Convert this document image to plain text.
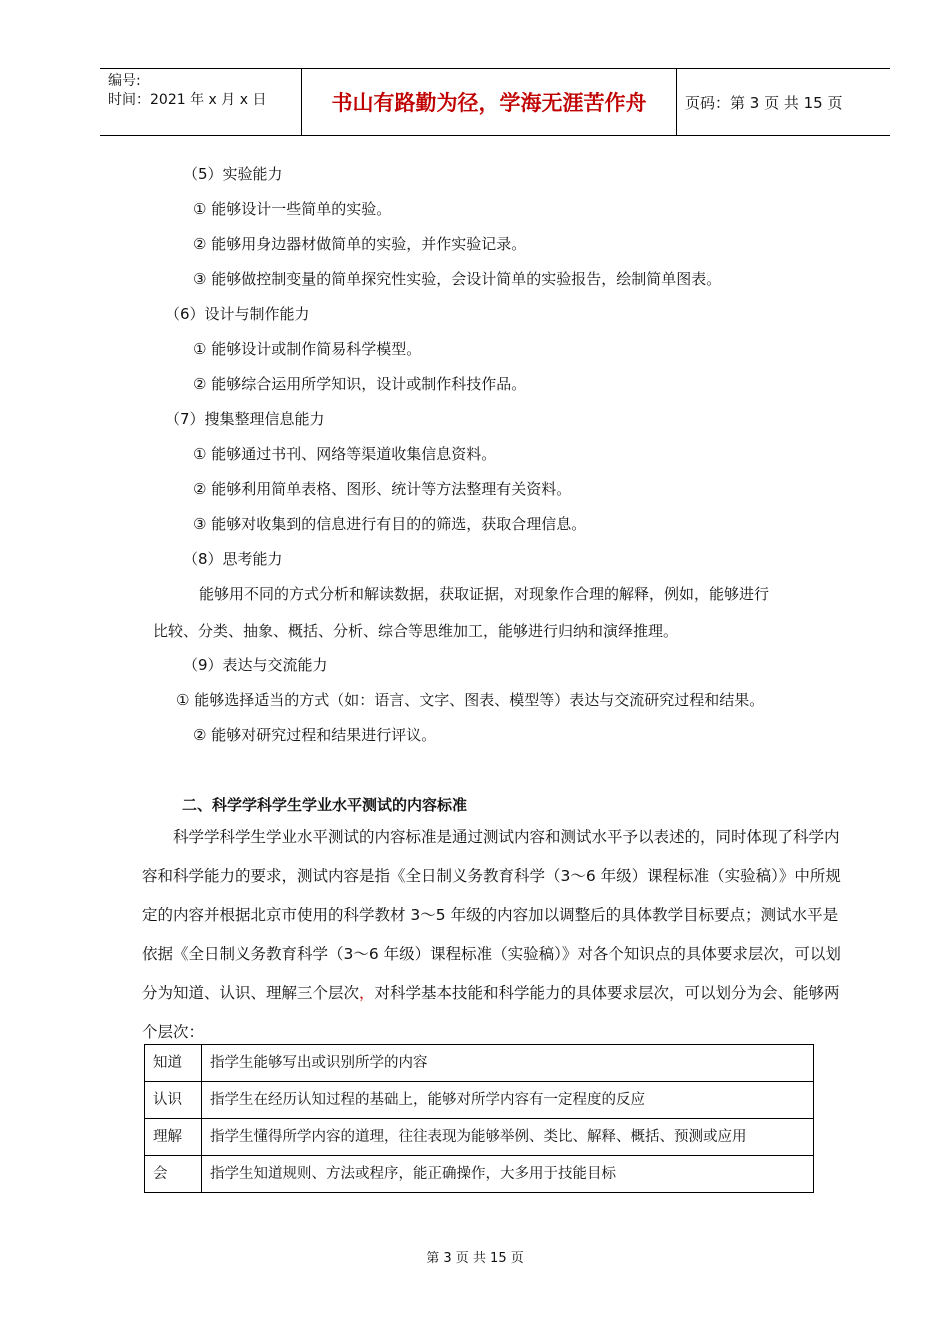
编号:
时间：2021 年 x 月 x 日	书山有路勤为径，学海无涯苦作舟	页码：第 3 页 共 15 页
（5）实验能力
① 能够设计一些简单的实验。
② 能够用身边器材做简单的实验，并作实验记录。
③ 能够做控制变量的简单探究性实验，会设计简单的实验报告，绘制简单图表。
（6）设计与制作能力
① 能够设计或制作简易科学模型。
② 能够综合运用所学知识，设计或制作科技作品。
（7）搜集整理信息能力
① 能够通过书刊、网络等渠道收集信息资料。
② 能够利用简单表格、图形、统计等方法整理有关资料。
③ 能够对收集到的信息进行有目的的筛选，获取合理信息。
（8）思考能力
能够用不同的方式分析和解读数据，获取证据，对现象作合理的解释，例如，能够进行
比较、分类、抽象、概括、分析、综合等思维加工，能够进行归纳和演绎推理。
（9）表达与交流能力
① 能够选择适当的方式（如：语言、文字、图表、模型等）表达与交流研究过程和结果。
② 能够对研究过程和结果进行评议。
二、科学学科学生学业水平测试的内容标准
科学学科学生学业水平测试的内容标准是通过测试内容和测试水平予以表述的，同时体现了科学内容和科学能力的要求，测试内容是指《全日制义务教育科学（3～6 年级）课程标准（实验稿）》中所规定的内容并根据北京市使用的科学教材 3～5 年级的内容加以调整后的具体教学目标要点；测试水平是依据《全日制义务教育科学（3～6 年级）课程标准（实验稿）》对各个知识点的具体要求层次，可以划分为知道、认识、理解三个层次，对科学基本技能和科学能力的具体要求层次，可以划分为会、能够两个层次：
知道	指学生能够写出或识别所学的内容
认识	指学生在经历认知过程的基础上，能够对所学内容有一定程度的反应
理解	指学生懂得所学内容的道理，往往表现为能够举例、类比、解释、概括、预测或应用
会	指学生知道规则、方法或程序，能正确操作，大多用于技能目标
第 3 页 共 15 页
